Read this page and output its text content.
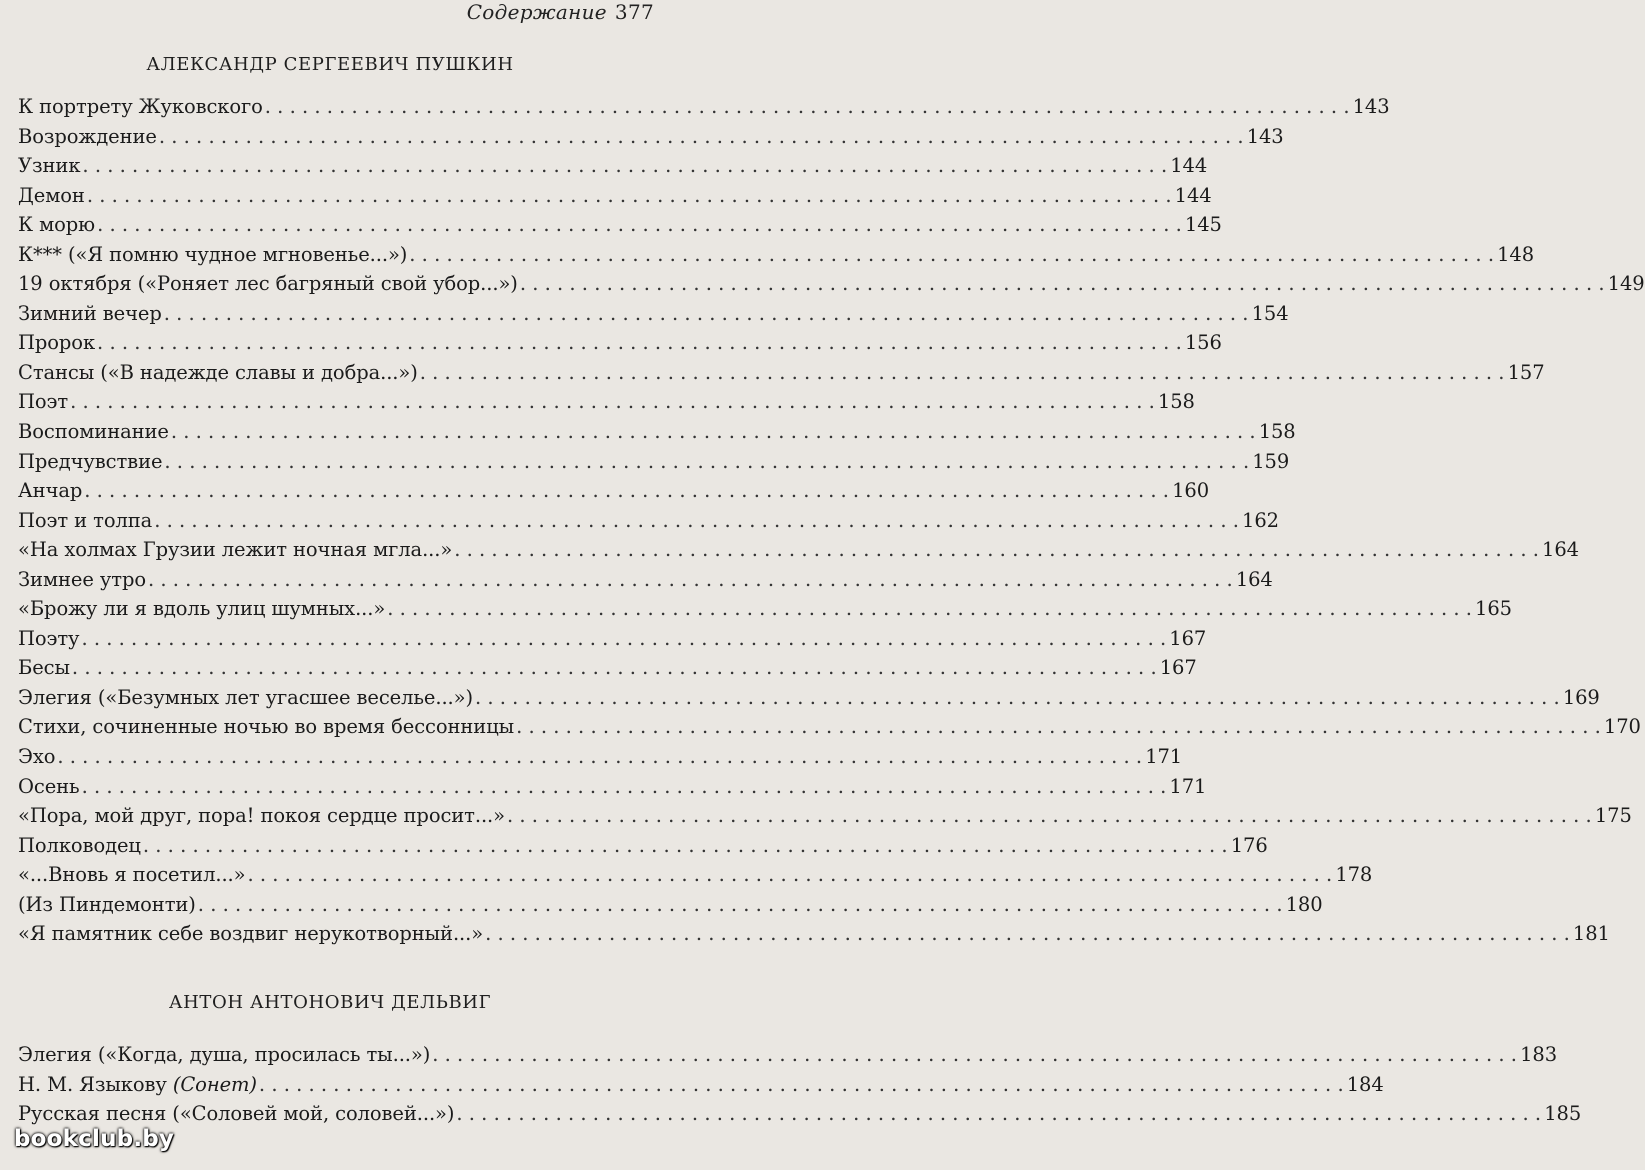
Содержание 377
АЛЕКСАНДР СЕРГЕЕВИЧ ПУШКИН
К портрету Жуковского . . .	143
Возрождение . . .	143
Узник . . .	144
Демон . . .	144
К морю . . .	145
К*** («Я помню чудное мгновенье...») . . .	148
19 октября («Роняет лес багряный свой убор...») . . .	149
Зимний вечер . . .	154
Пророк . . .	156
Стансы («В надежде славы и добра...») . . .	157
Поэт . . .	158
Воспоминание . . .	158
Предчувствие . . .	159
Анчар . . .	160
Поэт и толпа . . .	162
«На холмах Грузии лежит ночная мгла...» . . .	164
Зимнее утро . . .	164
«Брожу ли я вдоль улиц шумных...» . . .	165
Поэту . . .	167
Бесы . . .	167
Элегия («Безумных лет угасшее веселье...») . . .	169
Стихи, сочиненные ночью во время бессонницы . . .	170
Эхо . . .	171
Осень . . .	171
«Пора, мой друг, пора! покоя сердце просит...» . . .	175
Полководец . . .	176
«...Вновь я посетил...» . . .	178
(Из Пиндемонти) . . .	180
«Я памятник себе воздвиг нерукотворный...» . . .	181
АНТОН АНТОНОВИЧ ДЕЛЬВИГ
Элегия («Когда, душа, просилась ты...») . . .	183
Н. М. Языкову (Сонет) . . .	184
Русская песня («Соловей мой, соловей...») . . .	185
bookclub.by
